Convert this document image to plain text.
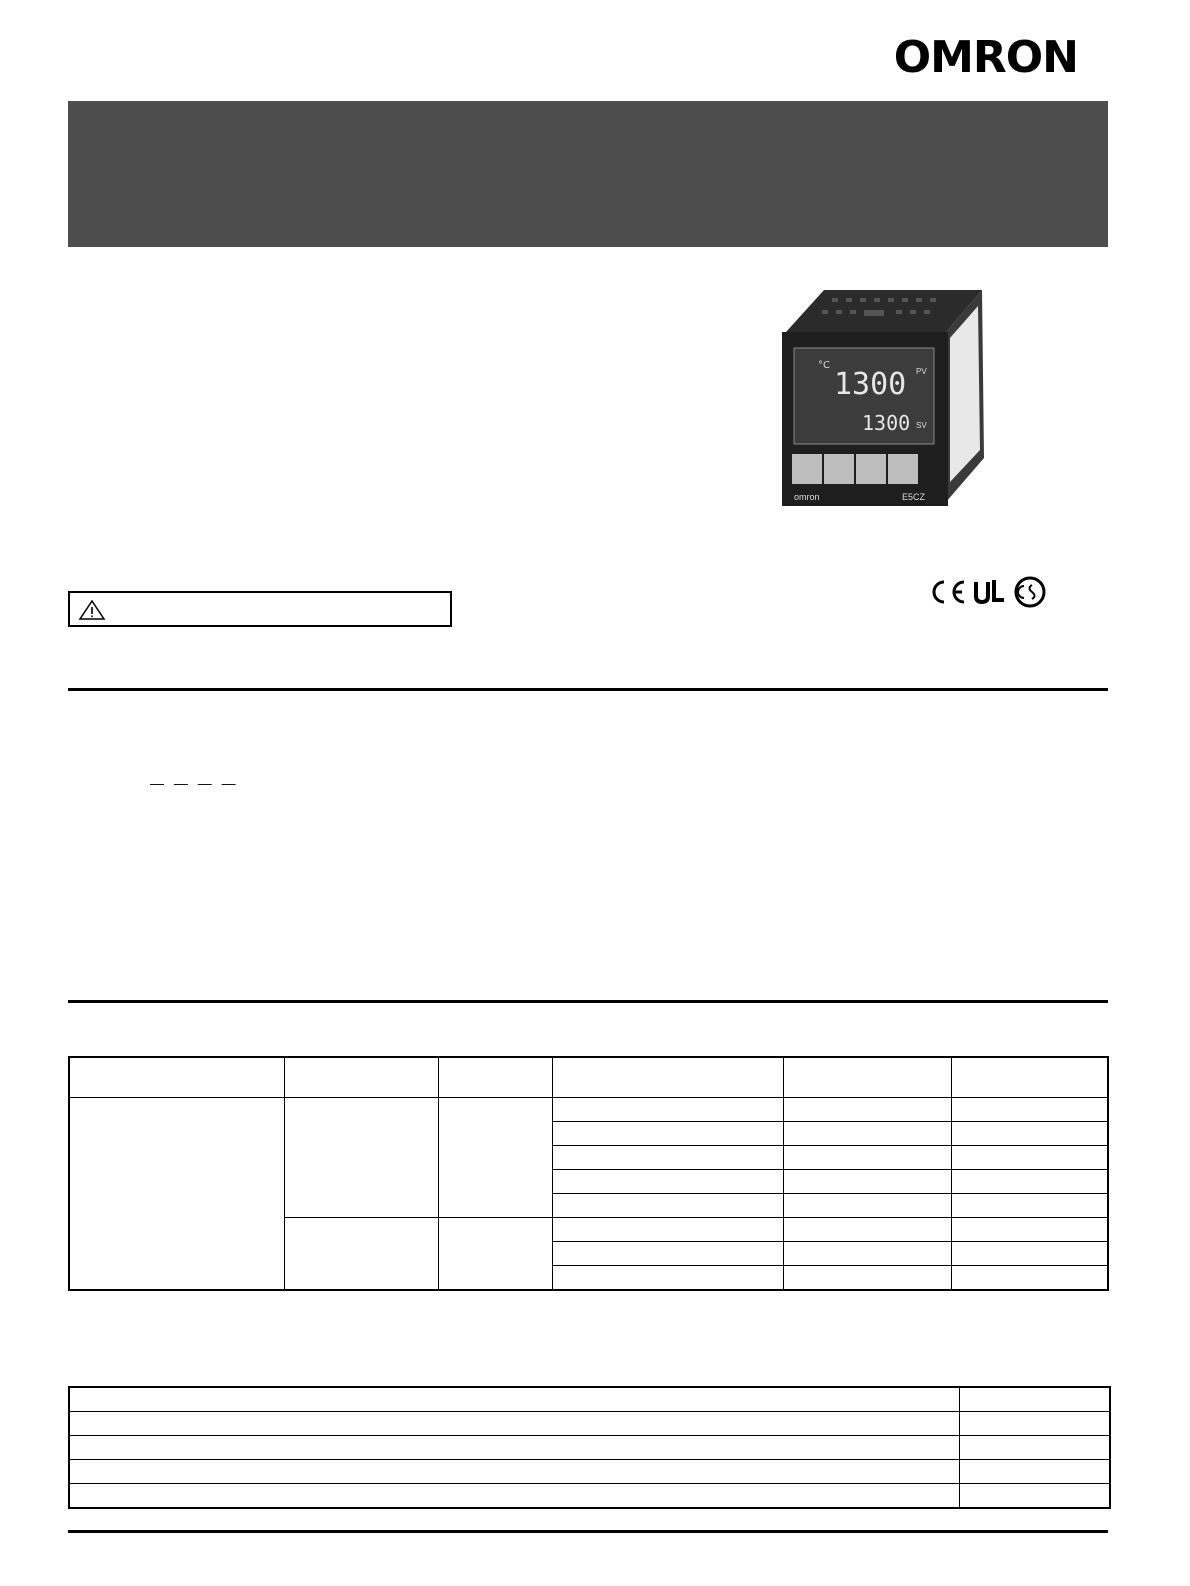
OMRON
°C
1300 PV
1300 SV
omron	E5CZ
— — — —
